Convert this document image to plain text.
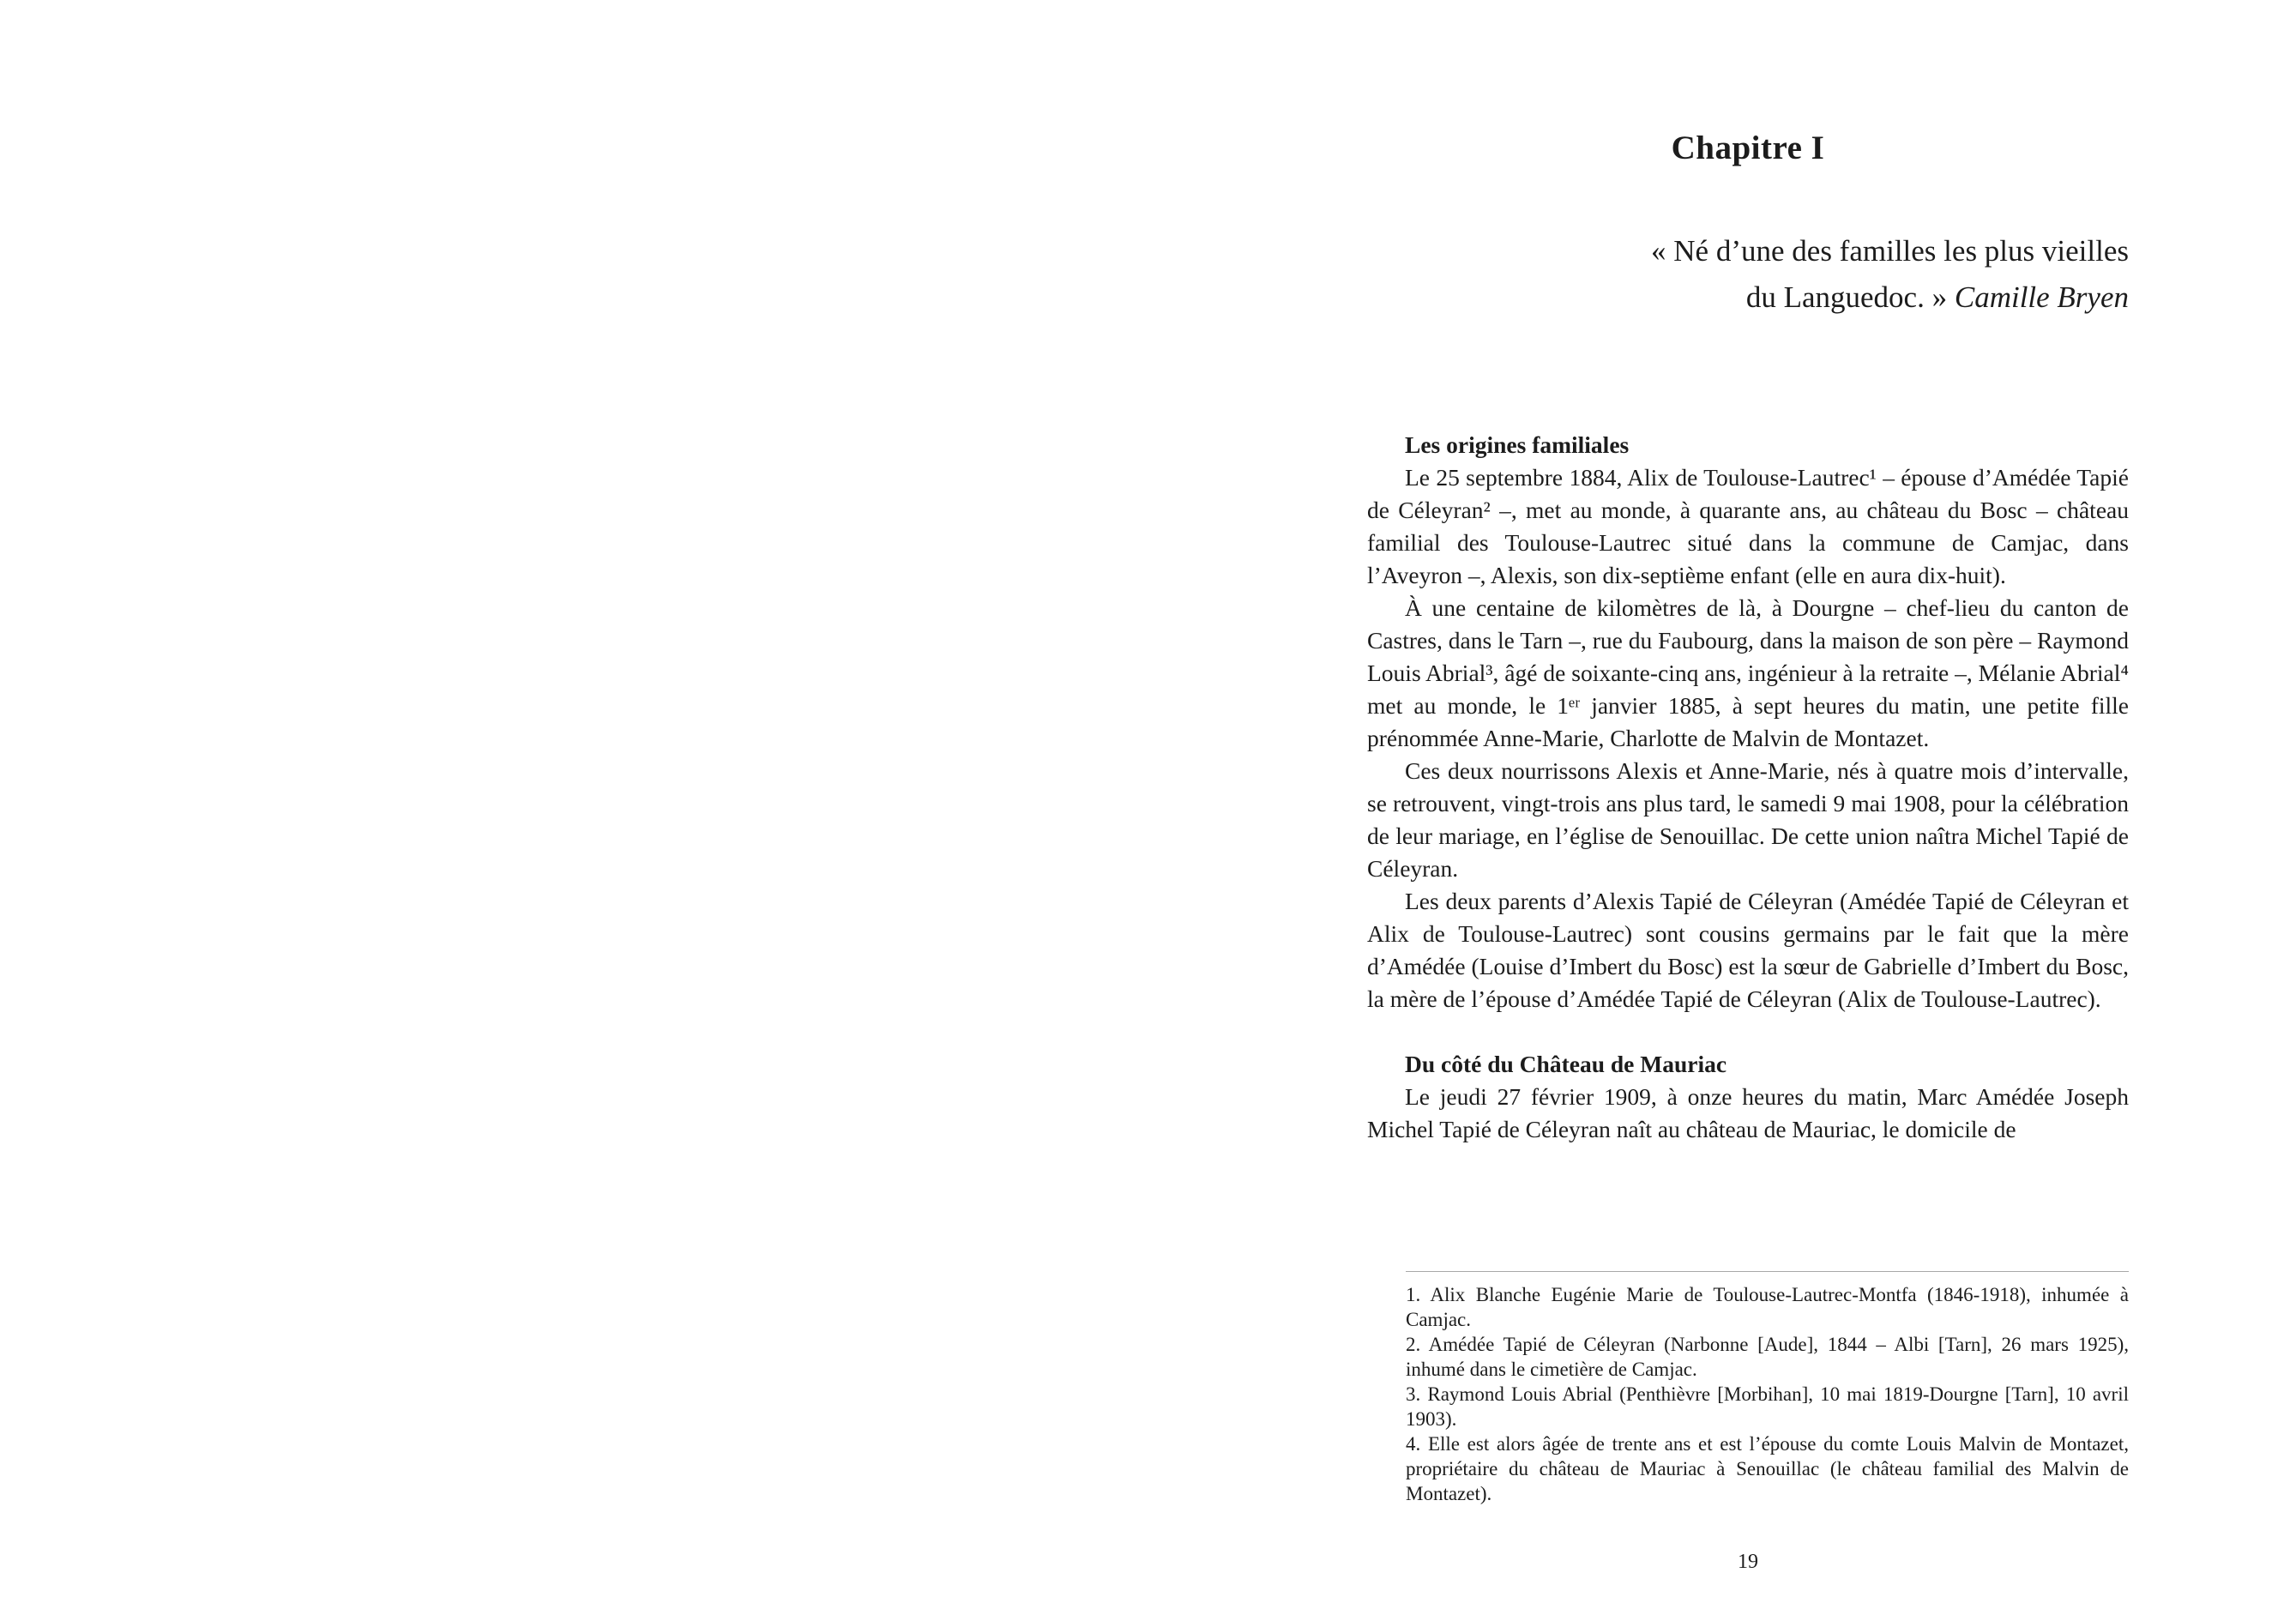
Chapitre I
« Né d’une des familles les plus vieilles
du Languedoc. » Camille Bryen

Les origines familiales

Le 25 septembre 1884, Alix de Toulouse-Lautrec¹ – épouse d’Amédée Tapié de Céleyran² –, met au monde, à quarante ans, au château du Bosc – château familial des Toulouse-Lautrec situé dans la commune de Camjac, dans l’Aveyron –, Alexis, son dix-septième enfant (elle en aura dix-huit).

À une centaine de kilomètres de là, à Dourgne – chef-lieu du canton de Castres, dans le Tarn –, rue du Faubourg, dans la maison de son père – Raymond Louis Abrial³, âgé de soixante-cinq ans, ingénieur à la retraite –, Mélanie Abrial⁴ met au monde, le 1ᵉʳ janvier 1885, à sept heures du matin, une petite fille prénommée Anne-Marie, Charlotte de Malvin de Montazet.

Ces deux nourrissons Alexis et Anne-Marie, nés à quatre mois d’intervalle, se retrouvent, vingt-trois ans plus tard, le samedi 9 mai 1908, pour la célébration de leur mariage, en l’église de Senouillac. De cette union naîtra Michel Tapié de Céleyran.

Les deux parents d’Alexis Tapié de Céleyran (Amédée Tapié de Céleyran et Alix de Toulouse-Lautrec) sont cousins germains par le fait que la mère d’Amédée (Louise d’Imbert du Bosc) est la sœur de Gabrielle d’Imbert du Bosc, la mère de l’épouse d’Amédée Tapié de Céleyran (Alix de Toulouse-Lautrec).

Du côté du Château de Mauriac

Le jeudi 27 février 1909, à onze heures du matin, Marc Amédée Joseph Michel Tapié de Céleyran naît au château de Mauriac, le domicile de

1. Alix Blanche Eugénie Marie de Toulouse-Lautrec-Montfa (1846-1918), inhumée à Camjac.

2. Amédée Tapié de Céleyran (Narbonne [Aude], 1844 – Albi [Tarn], 26 mars 1925), inhumé dans le cimetière de Camjac.

3. Raymond Louis Abrial (Penthièvre [Morbihan], 10 mai 1819-Dourgne [Tarn], 10 avril 1903).

4. Elle est alors âgée de trente ans et est l’épouse du comte Louis Malvin de Montazet, propriétaire du château de Mauriac à Senouillac (le château familial des Malvin de Montazet).

19
